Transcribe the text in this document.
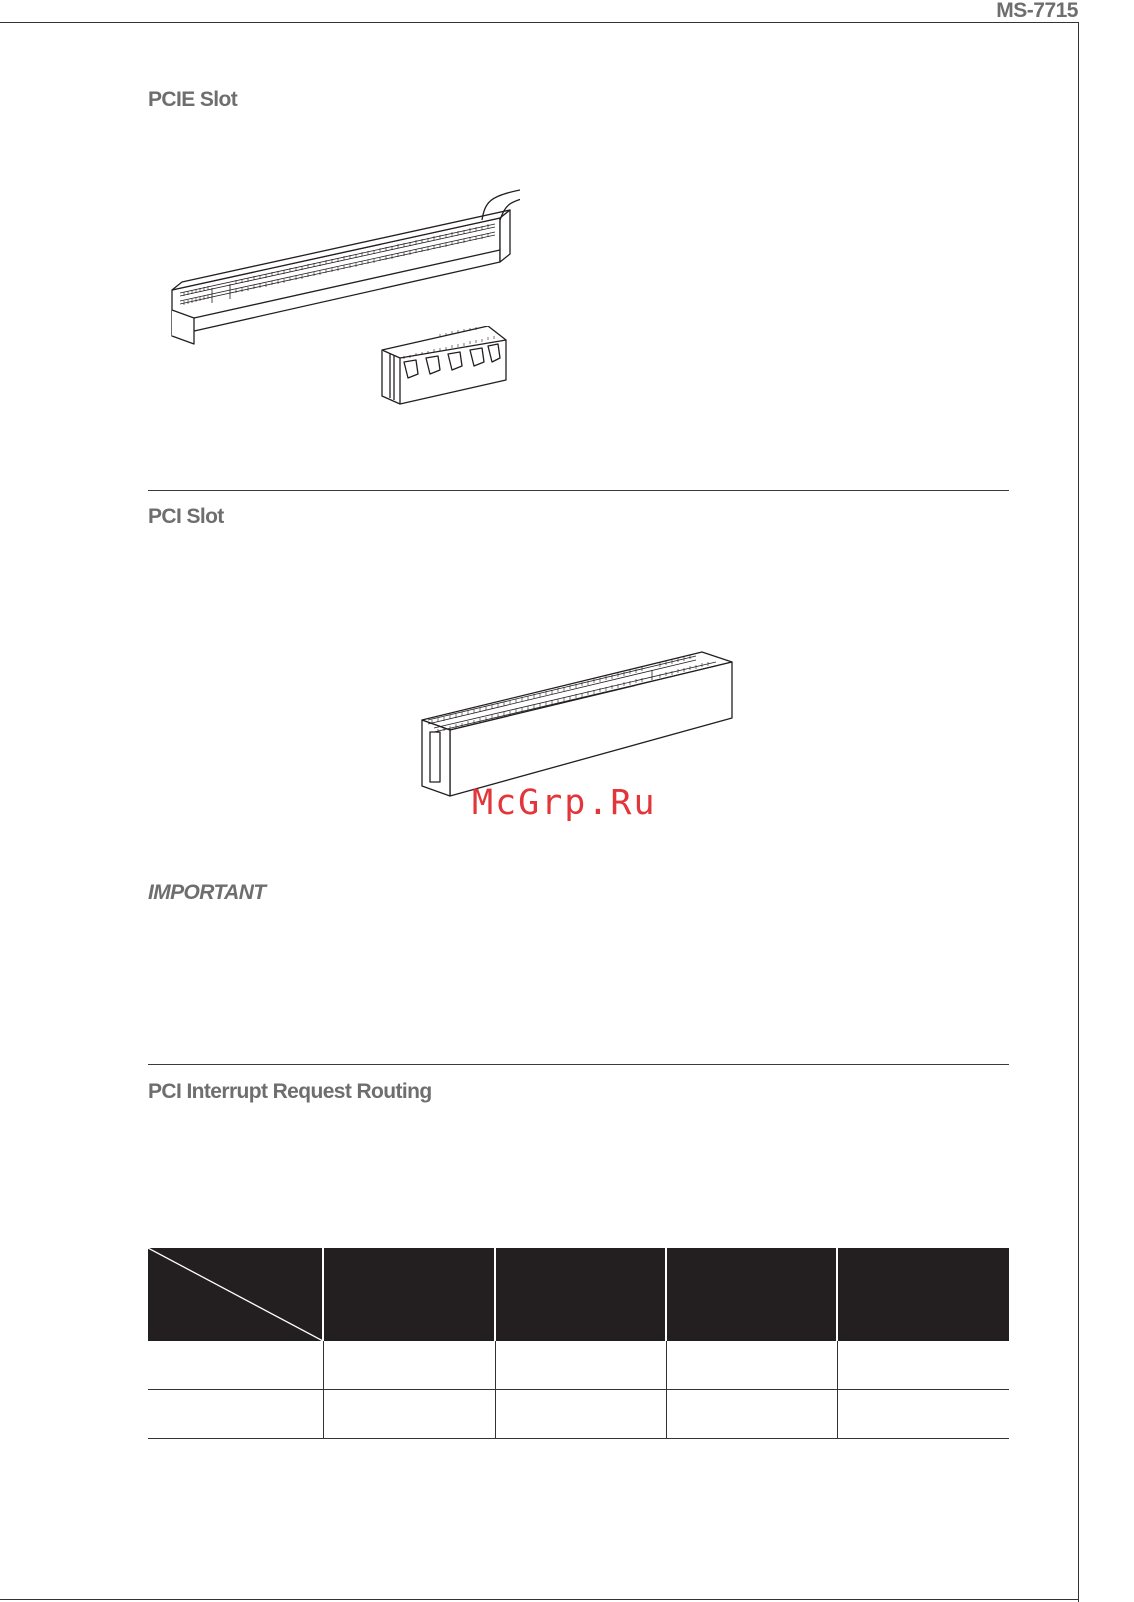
MS-7715
PCIE Slot
PCI Slot
McGrp.Ru
IMPORTANT
PCI Interrupt Request Routing
